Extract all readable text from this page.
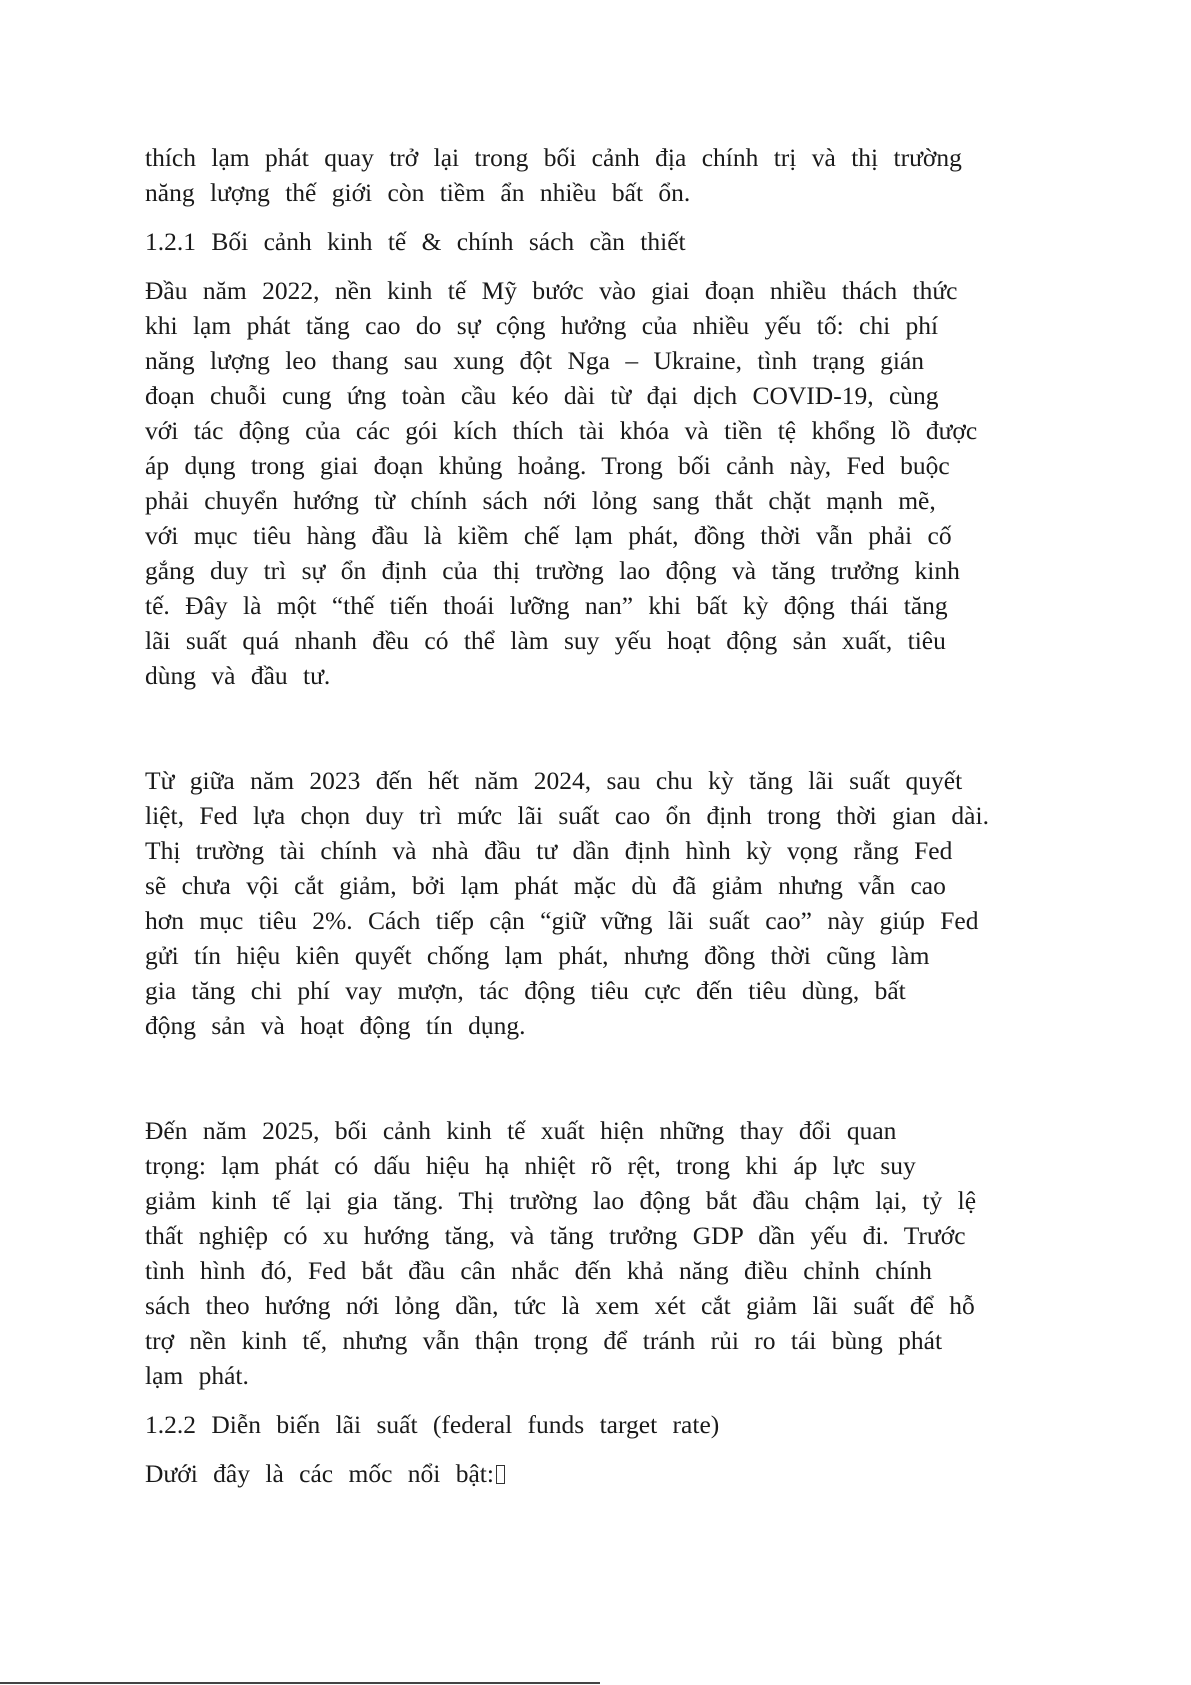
thích lạm phát quay trở lại trong bối cảnh địa chính trị và thị trường
năng lượng thế giới còn tiềm ẩn nhiều bất ổn.
1.2.1 Bối cảnh kinh tế & chính sách cần thiết
Đầu năm 2022, nền kinh tế Mỹ bước vào giai đoạn nhiều thách thức
khi lạm phát tăng cao do sự cộng hưởng của nhiều yếu tố: chi phí
năng lượng leo thang sau xung đột Nga – Ukraine, tình trạng gián
đoạn chuỗi cung ứng toàn cầu kéo dài từ đại dịch COVID-19, cùng
với tác động của các gói kích thích tài khóa và tiền tệ khổng lồ được
áp dụng trong giai đoạn khủng hoảng. Trong bối cảnh này, Fed buộc
phải chuyển hướng từ chính sách nới lỏng sang thắt chặt mạnh mẽ,
với mục tiêu hàng đầu là kiềm chế lạm phát, đồng thời vẫn phải cố
gắng duy trì sự ổn định của thị trường lao động và tăng trưởng kinh
tế. Đây là một “thế tiến thoái lưỡng nan” khi bất kỳ động thái tăng
lãi suất quá nhanh đều có thể làm suy yếu hoạt động sản xuất, tiêu
dùng và đầu tư.
Từ giữa năm 2023 đến hết năm 2024, sau chu kỳ tăng lãi suất quyết
liệt, Fed lựa chọn duy trì mức lãi suất cao ổn định trong thời gian dài.
Thị trường tài chính và nhà đầu tư dần định hình kỳ vọng rằng Fed
sẽ chưa vội cắt giảm, bởi lạm phát mặc dù đã giảm nhưng vẫn cao
hơn mục tiêu 2%. Cách tiếp cận “giữ vững lãi suất cao” này giúp Fed
gửi tín hiệu kiên quyết chống lạm phát, nhưng đồng thời cũng làm
gia tăng chi phí vay mượn, tác động tiêu cực đến tiêu dùng, bất
động sản và hoạt động tín dụng.
Đến năm 2025, bối cảnh kinh tế xuất hiện những thay đổi quan
trọng: lạm phát có dấu hiệu hạ nhiệt rõ rệt, trong khi áp lực suy
giảm kinh tế lại gia tăng. Thị trường lao động bắt đầu chậm lại, tỷ lệ
thất nghiệp có xu hướng tăng, và tăng trưởng GDP dần yếu đi. Trước
tình hình đó, Fed bắt đầu cân nhắc đến khả năng điều chỉnh chính
sách theo hướng nới lỏng dần, tức là xem xét cắt giảm lãi suất để hỗ
trợ nền kinh tế, nhưng vẫn thận trọng để tránh rủi ro tái bùng phát
lạm phát.
1.2.2 Diễn biến lãi suất (federal funds target rate)
Dưới đây là các mốc nổi bật:
